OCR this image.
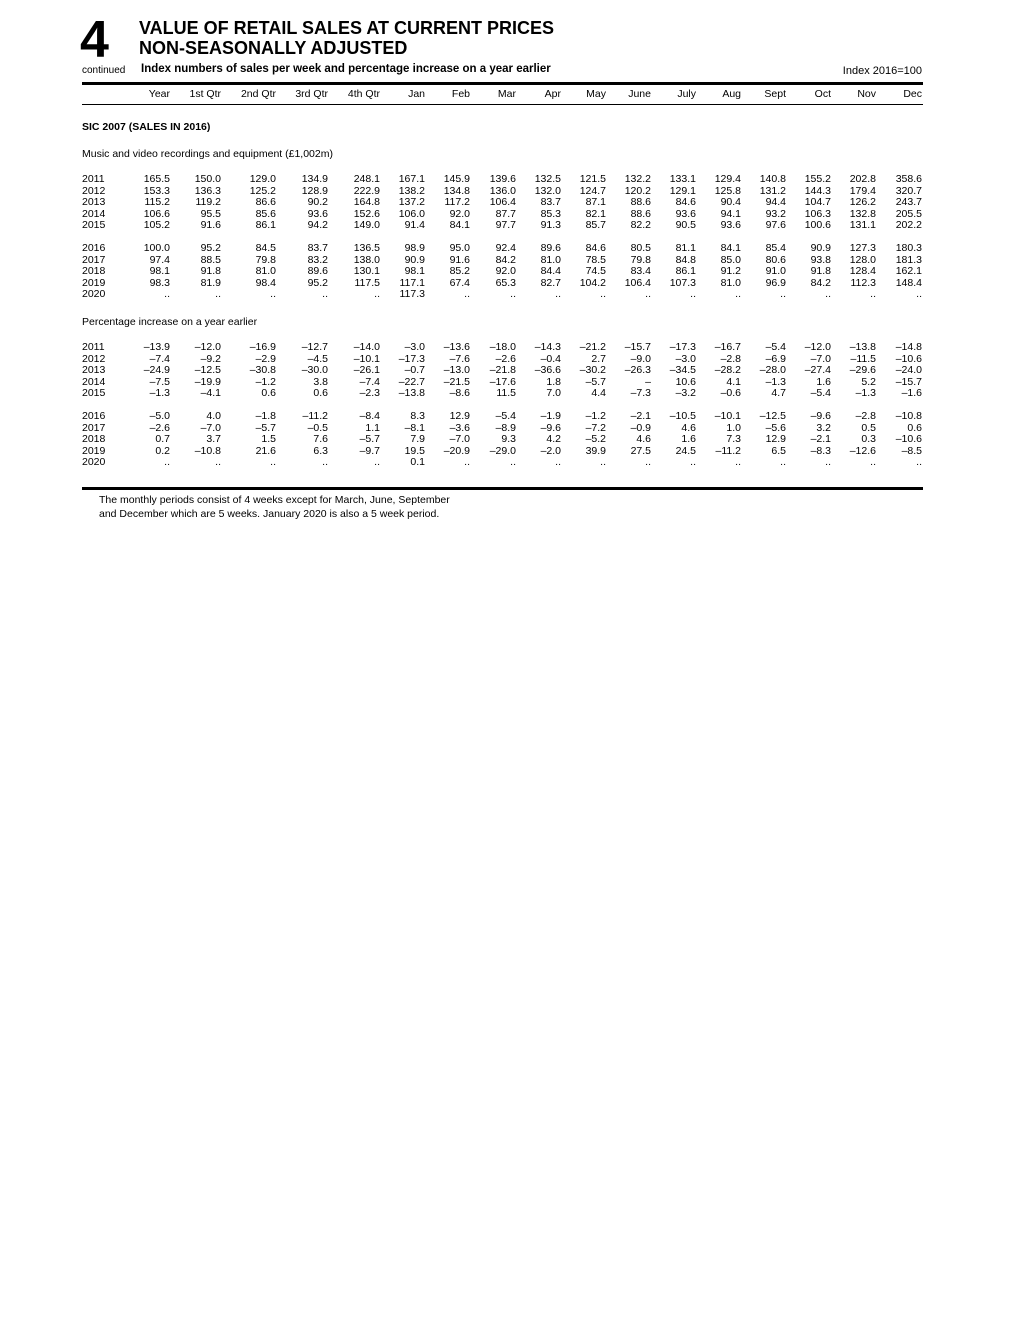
4
continued
VALUE OF RETAIL SALES AT CURRENT PRICES
NON-SEASONALLY ADJUSTED
Index numbers of sales per week and percentage increase on a year earlier	Index 2016=100
Year 1st Qtr 2nd Qtr 3rd Qtr 4th Qtr	Jan	Feb	Mar	Apr May June	July	Aug Sept	Oct	Nov	Dec
SIC 2007 (SALES IN 2016)
Music and video recordings and equipment (£1,002m)
2011	165.5 150.0	129.0 134.9 248.1 167.1 145.9 139.6 132.5 121.5 132.2 133.1 129.4 140.8 155.2 202.8 358.6
2012	153.3 136.3	125.2 128.9 222.9 138.2 134.8 136.0 132.0 124.7 120.2 129.1 125.8 131.2 144.3 179.4 320.7
2013	115.2 119.2	86.6	90.2 164.8 137.2 117.2 106.4 83.7 87.1 88.6 84.6 90.4 94.4 104.7 126.2 243.7
2014	106.6	95.5	85.6	93.6 152.6 106.0 92.0 87.7 85.3 82.1 88.6 93.6 94.1 93.2 106.3 132.8 205.5
2015	105.2	91.6	86.1	94.2 149.0 91.4 84.1 97.7 91.3 85.7 82.2 90.5 93.6 97.6 100.6 131.1 202.2
2016	100.0	95.2	84.5	83.7 136.5 98.9 95.0 92.4 89.6 84.6 80.5 81.1 84.1 85.4 90.9 127.3 180.3
2017	97.4	88.5	79.8	83.2 138.0 90.9 91.6 84.2 81.0 78.5 79.8 84.8 85.0 80.6 93.8 128.0 181.3
2018	98.1	91.8	81.0	89.6 130.1 98.1 85.2 92.0 84.4 74.5 83.4 86.1 91.2 91.0 91.8 128.4 162.1
2019	98.3	81.9	98.4	95.2	117.5 117.1 67.4 65.3 82.7 104.2 106.4 107.3 81.0 96.9 84.2 112.3 148.4
2020	..	..	..	..	.. 117.3	..	..	..	..	..	..	..	..	..	..	..
Percentage increase on a year earlier
2011	–13.9 –12.0	–16.9 –12.7 –14.0 –3.0 –13.6 –18.0 –14.3 –21.2 –15.7 –17.3 –16.7 –5.4 –12.0 –13.8 –14.8
2012	–7.4	–9.2	–2.9	–4.5 –10.1 –17.3 –7.6 –2.6 –0.4	2.7 –9.0 –3.0 –2.8 –6.9 –7.0 –11.5 –10.6
2013	–24.9 –12.5	–30.8 –30.0 –26.1 –0.7 –13.0 –21.8 –36.6 –30.2 –26.3 –34.5 –28.2 –28.0 –27.4 –29.6 –24.0
2014	–7.5 –19.9	–1.2	3.8	–7.4 –22.7 –21.5 –17.6	1.8 –5.7	– 10.6	4.1 –1.3	1.6	5.2 –15.7
2015	–1.3	–4.1	0.6	0.6	–2.3 –13.8 –8.6	11.5	7.0	4.4 –7.3 –3.2 –0.6	4.7 –5.4 –1.3 –1.6
2016	–5.0	4.0	–1.8	–11.2	–8.4	8.3 12.9 –5.4 –1.9 –1.2 –2.1 –10.5 –10.1 –12.5 –9.6 –2.8 –10.8
2017	–2.6	–7.0	–5.7	–0.5	1.1 –8.1 –3.6 –8.9 –9.6 –7.2 –0.9	4.6	1.0 –5.6	3.2	0.5	0.6
2018	0.7	3.7	1.5	7.6	–5.7	7.9 –7.0	9.3	4.2 –5.2	4.6	1.6	7.3 12.9 –2.1	0.3 –10.6
2019	0.2 –10.8	21.6	6.3	–9.7 19.5 –20.9 –29.0 –2.0 39.9 27.5 24.5 –11.2	6.5 –8.3 –12.6 –8.5
2020	..	..	..	..	..	0.1	..	..	..	..	..	..	..	..	..	..	..
The monthly periods consist of 4 weeks except for March, June, September
and December which are 5 weeks. January 2020 is also a 5 week period.
